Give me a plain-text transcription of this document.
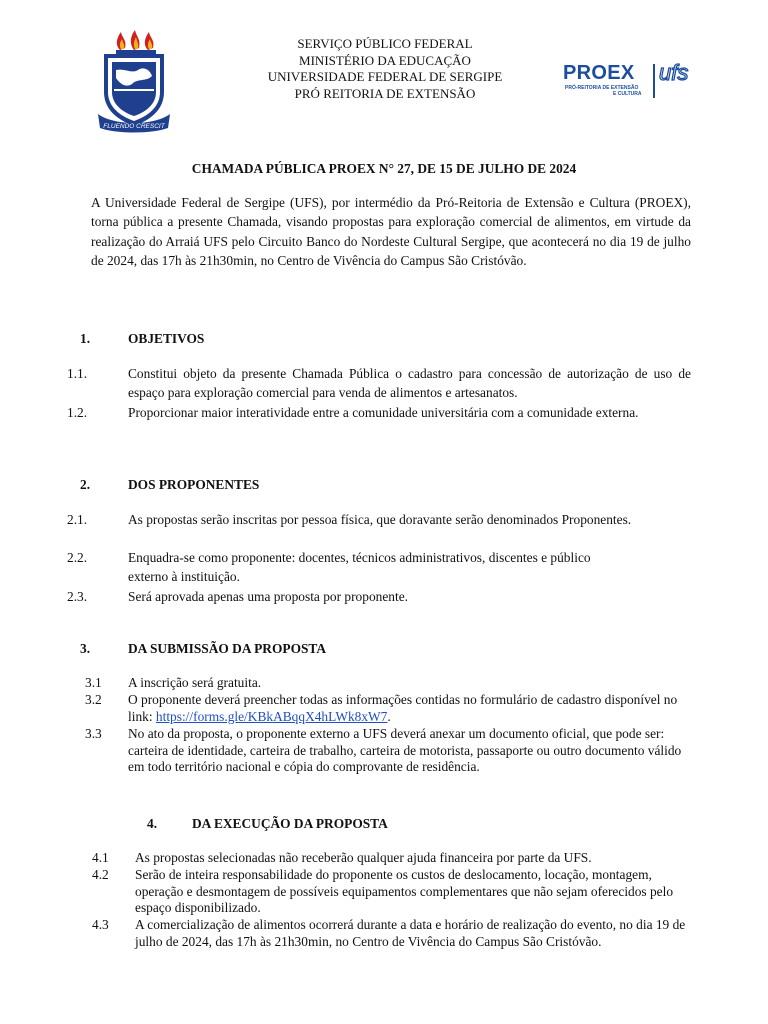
FLUENDO CRESCIT
SERVIÇO PÚBLICO FEDERAL
MINISTÉRIO DA EDUCAÇÃO
UNIVERSIDADE FEDERAL DE SERGIPE
PRÓ REITORIA DE EXTENSÃO
PROEX
PRÓ-REITORIA DE EXTENSÃO
E CULTURA
ufs
CHAMADA PÚBLICA PROEX N° 27, DE 15 DE JULHO DE 2024
A Universidade Federal de Sergipe (UFS), por intermédio da Pró-Reitoria de Extensão e Cultura (PROEX), torna pública a presente Chamada, visando propostas para exploração comercial de alimentos, em virtude da realização do Arraiá UFS pelo Circuito Banco do Nordeste Cultural Sergipe, que acontecerá no dia 19 de julho de 2024, das 17h às 21h30min, no Centro de Vivência do Campus São Cristóvão.
1.	OBJETIVOS
1.1.	Constitui objeto da presente Chamada Pública o cadastro para concessão de autorização de uso de espaço para exploração comercial para venda de alimentos e artesanatos.
1.2.	Proporcionar maior interatividade entre a comunidade universitária com a comunidade externa.
2.	DOS PROPONENTES
2.1.	As propostas serão inscritas por pessoa física, que doravante serão denominados Proponentes.
2.2.	Enquadra-se como proponente: docentes, técnicos administrativos, discentes e público externo à instituição.
2.3.	Será aprovada apenas uma proposta por proponente.
3.	DA SUBMISSÃO DA PROPOSTA
3.1 A inscrição será gratuita.
3.2 O proponente deverá preencher todas as informações contidas no formulário de cadastro disponível no link: https://forms.gle/KBkABqqX4hLWk8xW7.
3.3 No ato da proposta, o proponente externo a UFS deverá anexar um documento oficial, que pode ser: carteira de identidade, carteira de trabalho, carteira de motorista, passaporte ou outro documento válido em todo território nacional e cópia do comprovante de residência.
4.	DA EXECUÇÃO DA PROPOSTA
4.1 As propostas selecionadas não receberão qualquer ajuda financeira por parte da UFS.
4.2 Serão de inteira responsabilidade do proponente os custos de deslocamento, locação, montagem, operação e desmontagem de possíveis equipamentos complementares que não sejam oferecidos pelo espaço disponibilizado.
4.3 A comercialização de alimentos ocorrerá durante a data e horário de realização do evento, no dia 19 de julho de 2024, das 17h às 21h30min, no Centro de Vivência do Campus São Cristóvão.
